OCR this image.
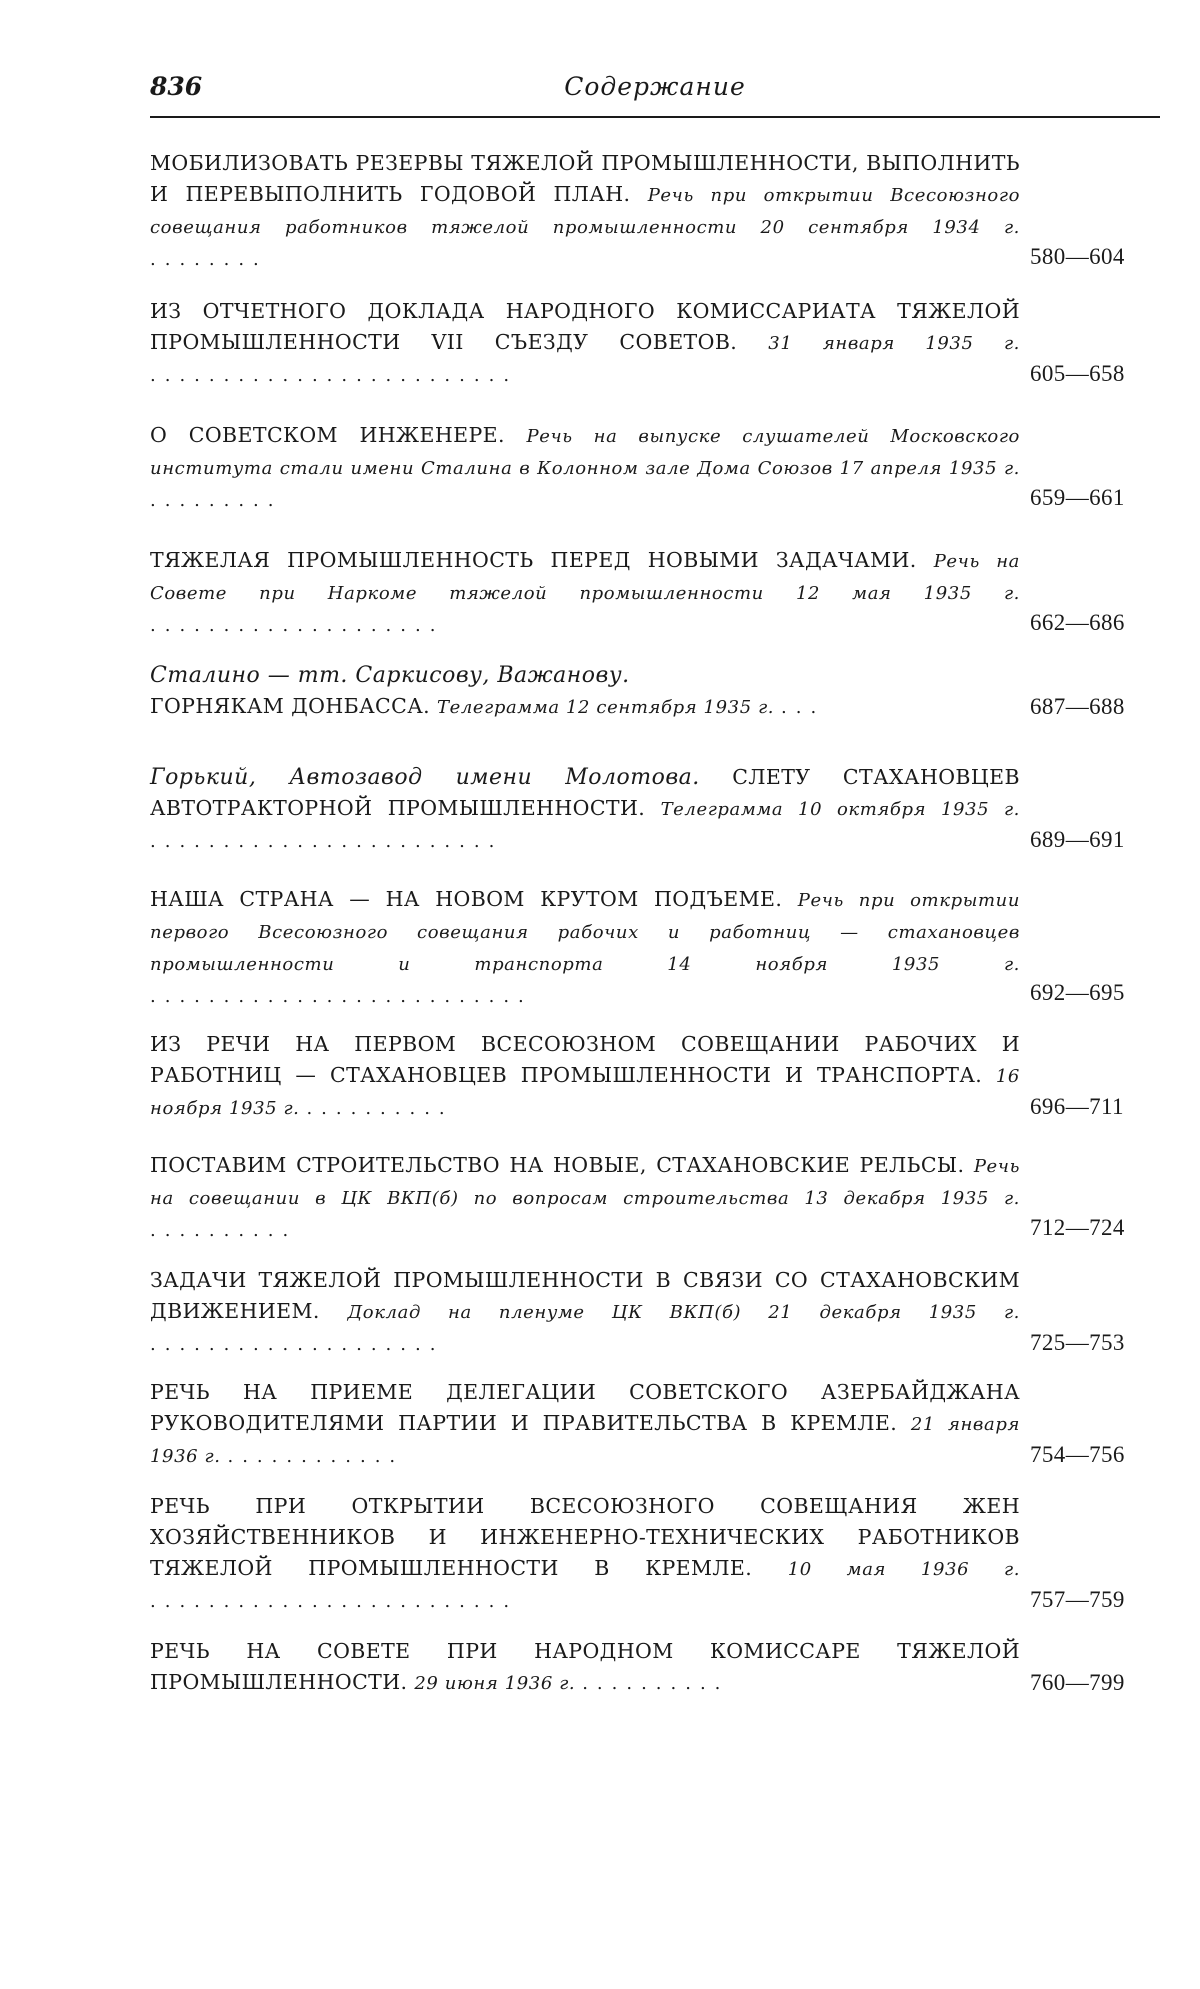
836	Содержание
МОБИЛИЗОВАТЬ РЕЗЕРВЫ ТЯЖЕЛОЙ ПРОМЫШЛЕННОСТИ, ВЫПОЛНИТЬ И ПЕРЕВЫПОЛНИТЬ ГОДОВОЙ ПЛАН. Речь при открытии Всесоюзного совещания работников тяжелой промышленности 20 сентября 1934 г. ........	580—604
ИЗ ОТЧЕТНОГО ДОКЛАДА НАРОДНОГО КОМИССАРИАТА ТЯЖЕЛОЙ ПРОМЫШЛЕННОСТИ VII СЪЕЗДУ СОВЕТОВ. 31 января 1935 г. .........................	605—658
О СОВЕТСКОМ ИНЖЕНЕРЕ. Речь на выпуске слушателей Московского института стали имени Сталина в Колонном зале Дома Союзов 17 апреля 1935 г. .........	659—661
ТЯЖЕЛАЯ ПРОМЫШЛЕННОСТЬ ПЕРЕД НОВЫМИ ЗАДАЧАМИ. Речь на Совете при Наркоме тяжелой промышленности 12 мая 1935 г. ....................	662—686
Сталино — тт. Саркисову, Важанову.
ГОРНЯКАМ ДОНБАССА. Телеграмма 12 сентября 1935 г. ...	687—688
Горький, Автозавод имени Молотова. СЛЕТУ СТАХАНОВЦЕВ АВТОТРАКТОРНОЙ ПРОМЫШЛЕННОСТИ. Телеграмма 10 октября 1935 г. ........................	689—691
НАША СТРАНА — НА НОВОМ КРУТОМ ПОДЪЕМЕ. Речь при открытии первого Всесоюзного совещания рабочих и работниц — стахановцев промышленности и транспорта 14 ноября 1935 г. ..........................	692—695
ИЗ РЕЧИ НА ПЕРВОМ ВСЕСОЮЗНОМ СОВЕЩАНИИ РАБОЧИХ И РАБОТНИЦ — СТАХАНОВЦЕВ ПРОМЫШЛЕННОСТИ И ТРАНСПОРТА. 16 ноября 1935 г. ..........	696—711
ПОСТАВИМ СТРОИТЕЛЬСТВО НА НОВЫЕ, СТАХАНОВСКИЕ РЕЛЬСЫ. Речь на совещании в ЦК ВКП(б) по вопросам строительства 13 декабря 1935 г. ..........	712—724
ЗАДАЧИ ТЯЖЕЛОЙ ПРОМЫШЛЕННОСТИ В СВЯЗИ СО СТАХАНОВСКИМ ДВИЖЕНИЕМ. Доклад на пленуме ЦК ВКП(б) 21 декабря 1935 г. ....................	725—753
РЕЧЬ НА ПРИЕМЕ ДЕЛЕГАЦИИ СОВЕТСКОГО АЗЕРБАЙДЖАНА РУКОВОДИТЕЛЯМИ ПАРТИИ И ПРАВИТЕЛЬСТВА В КРЕМЛЕ. 21 января 1936 г. ............	754—756
РЕЧЬ ПРИ ОТКРЫТИИ ВСЕСОЮЗНОГО СОВЕЩАНИЯ ЖЕН ХОЗЯЙСТВЕННИКОВ И ИНЖЕНЕРНО-ТЕХНИЧЕСКИХ РАБОТНИКОВ ТЯЖЕЛОЙ ПРОМЫШЛЕННОСТИ В КРЕМЛЕ. 10 мая 1936 г. .........................	757—759
РЕЧЬ НА СОВЕТЕ ПРИ НАРОДНОМ КОМИССАРЕ ТЯЖЕЛОЙ ПРОМЫШЛЕННОСТИ. 29 июня 1936 г. ..........	760—799
